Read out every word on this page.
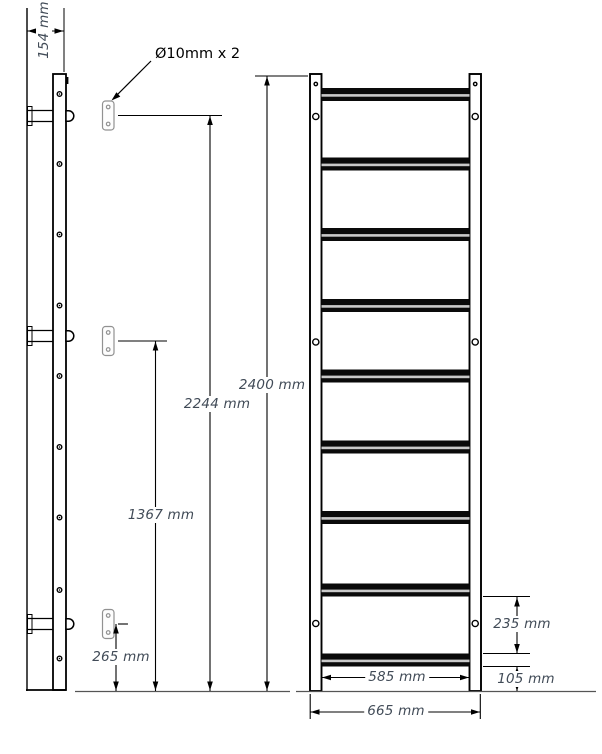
154 mm	Ø10mm x 2
2400 mm
2244 mm
1367 mm
265 mm
235 mm
105 mm
585 mm
665 mm
